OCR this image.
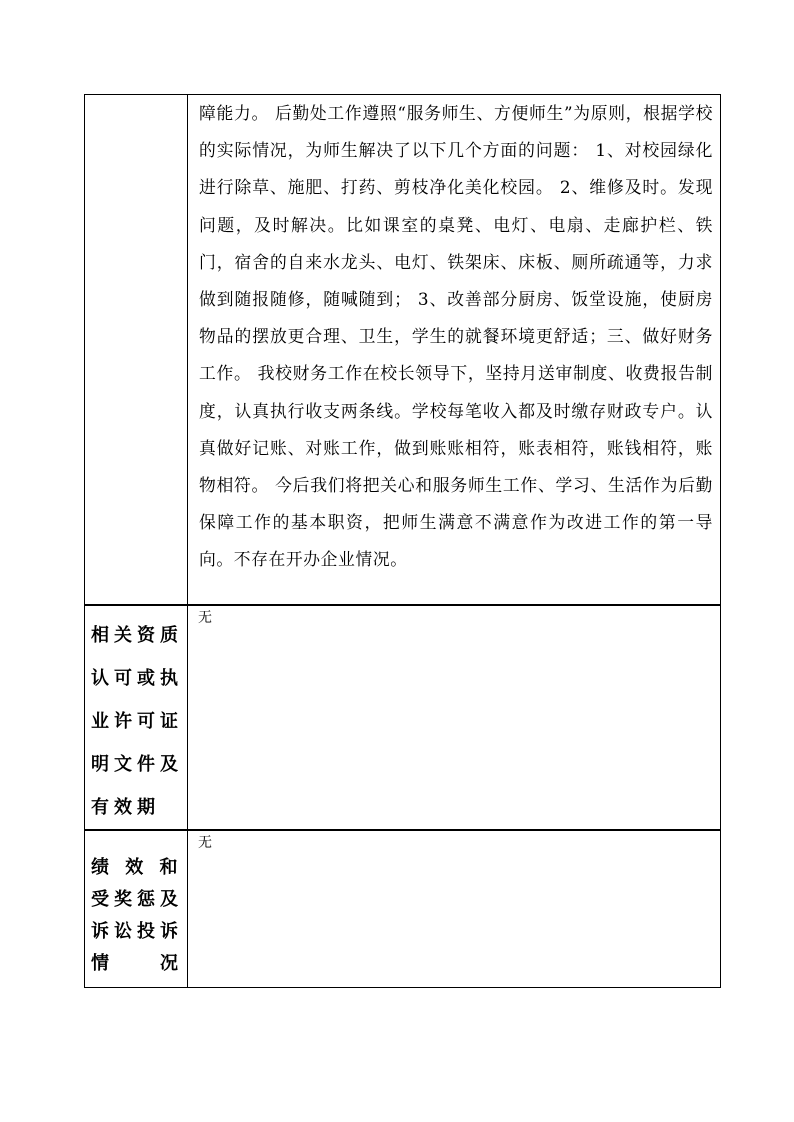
	障能力。 后勤处工作遵照“服务师生、方便师生”为原则，根据学校的实际情况，为师生解决了以下几个方面的问题： 1、对校园绿化进行除草、施肥、打药、剪枝净化美化校园。 2、维修及时。发现问题，及时解决。比如课室的桌凳、电灯、电扇、走廊护栏、铁门，宿舍的自来水龙头、电灯、铁架床、床板、厕所疏通等，力求做到随报随修，随喊随到； 3、改善部分厨房、饭堂设施，使厨房物品的摆放更合理、卫生，学生的就餐环境更舒适；三、做好财务工作。 我校财务工作在校长领导下，坚持月送审制度、收费报告制度，认真执行收支两条线。学校每笔收入都及时缴存财政专户。认真做好记账、对账工作，做到账账相符，账表相符，账钱相符，账物相符。 今后我们将把关心和服务师生工作、学习、生活作为后勤保障工作的基本职资，把师生满意不满意作为改进工作的第一导向。不存在开办企业情况。

相关资质
认可或执
业许可证
明文件及
有效期	无

绩 效 和
受奖惩及
诉讼投诉
情 况	无
